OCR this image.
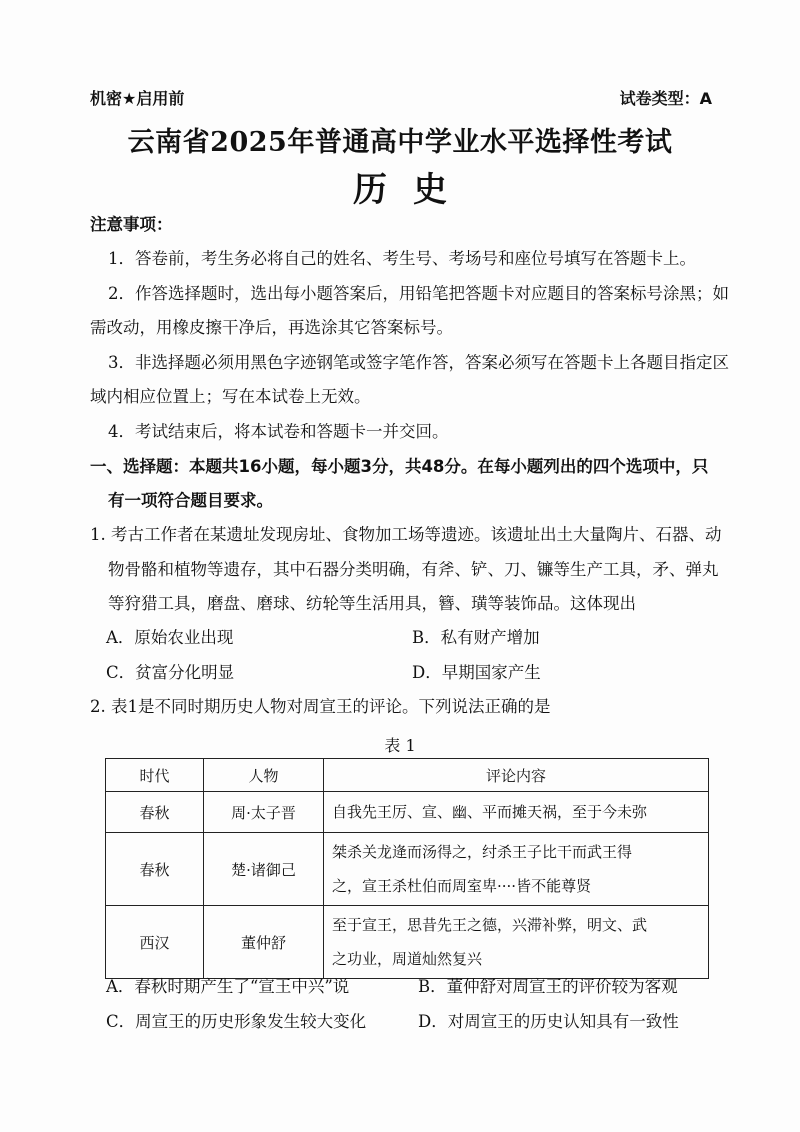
机密★启用前	试卷类型：A
云南省2025年普通高中学业水平选择性考试
历史
注意事项：
1．答卷前，考生务必将自己的姓名、考生号、考场号和座位号填写在答题卡上。
2．作答选择题时，选出每小题答案后，用铅笔把答题卡对应题目的答案标号涂黑；如
需改动，用橡皮擦干净后，再选涂其它答案标号。
3．非选择题必须用黑色字迹钢笔或签字笔作答，答案必须写在答题卡上各题目指定区
域内相应位置上；写在本试卷上无效。
4．考试结束后，将本试卷和答题卡一并交回。
一、选择题：本题共16小题，每小题3分，共48分。在每小题列出的四个选项中，只
有一项符合题目要求。
1. 考古工作者在某遗址发现房址、食物加工场等遗迹。该遗址出土大量陶片、石器、动
物骨骼和植物等遗存，其中石器分类明确，有斧、铲、刀、镰等生产工具，矛、弹丸
等狩猎工具，磨盘、磨球、纺轮等生活用具，簪、璜等装饰品。这体现出
A．原始农业出现	B．私有财产增加
C．贫富分化明显	D．早期国家产生
2. 表1是不同时期历史人物对周宣王的评论。下列说法正确的是
表 1
时代	人物	评论内容
春秋	周·太子晋	自我先王厉、宣、幽、平而摊天祸，至于今未弥

春秋	楚·诸御己	桀杀关龙逄而汤得之，纣杀王子比干而武王得
之，宣王杀杜伯而周室卑····皆不能尊贤

西汉	董仲舒	至于宣王，思昔先王之德，兴滞补弊，明文、武
之功业，周道灿然复兴
A．春秋时期产生了“宣王中兴”说	B．董仲舒对周宣王的评价较为客观
C．周宣王的历史形象发生较大变化	D．对周宣王的历史认知具有一致性
